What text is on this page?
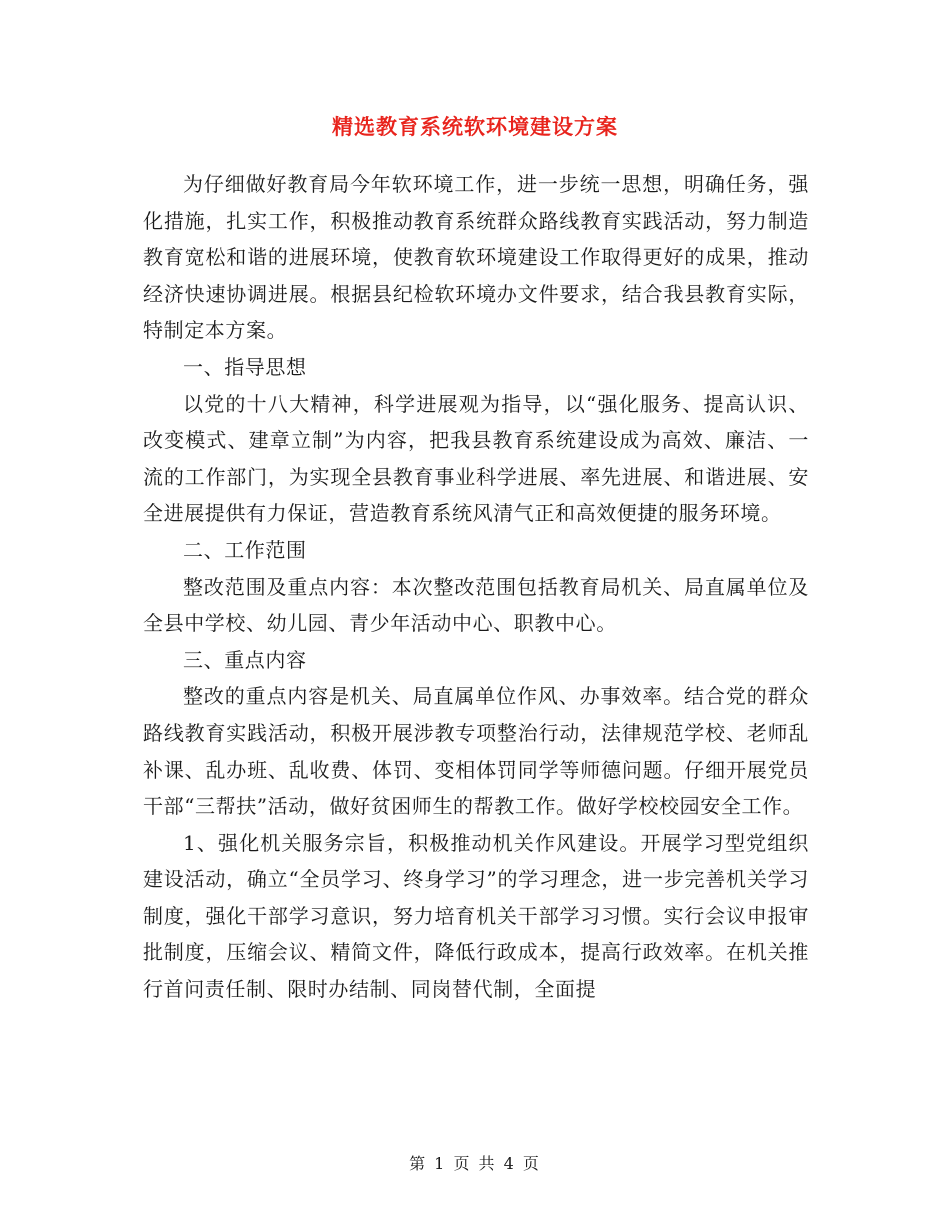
精选教育系统软环境建设方案

为仔细做好教育局今年软环境工作，进一步统一思想，明确任务，强化措施，扎实工作，积极推动教育系统群众路线教育实践活动，努力制造教育宽松和谐的进展环境，使教育软环境建设工作取得更好的成果，推动经济快速协调进展。根据县纪检软环境办文件要求，结合我县教育实际，特制定本方案。

一、指导思想

以党的十八大精神，科学进展观为指导，以“强化服务、提高认识、改变模式、建章立制”为内容，把我县教育系统建设成为高效、廉洁、一流的工作部门，为实现全县教育事业科学进展、率先进展、和谐进展、安全进展提供有力保证，营造教育系统风清气正和高效便捷的服务环境。

二、工作范围

整改范围及重点内容：本次整改范围包括教育局机关、局直属单位及全县中学校、幼儿园、青少年活动中心、职教中心。

三、重点内容

整改的重点内容是机关、局直属单位作风、办事效率。结合党的群众路线教育实践活动，积极开展涉教专项整治行动，法律规范学校、老师乱补课、乱办班、乱收费、体罚、变相体罚同学等师德问题。仔细开展党员干部“三帮扶”活动，做好贫困师生的帮教工作。做好学校校园安全工作。

1、强化机关服务宗旨，积极推动机关作风建设。开展学习型党组织建设活动，确立“全员学习、终身学习”的学习理念，进一步完善机关学习制度，强化干部学习意识，努力培育机关干部学习习惯。实行会议申报审批制度，压缩会议、精简文件，降低行政成本，提高行政效率。在机关推行首问责任制、限时办结制、同岗替代制，全面提

第 1 页 共 4 页
